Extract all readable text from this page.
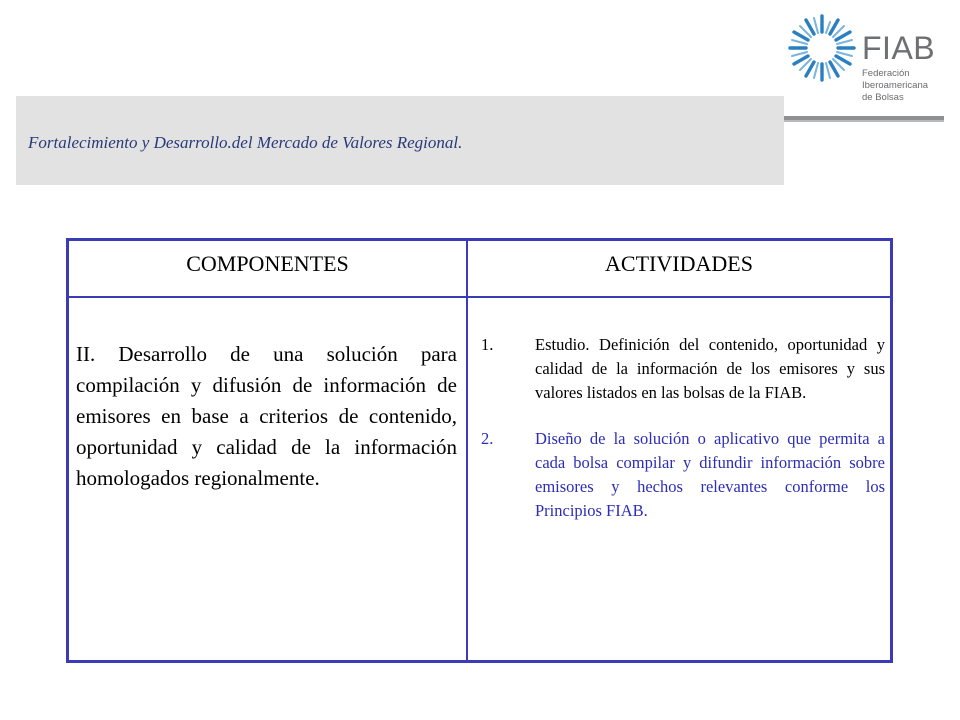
FIAB
Federación
Iberoamericana
de Bolsas
Fortalecimiento y Desarrollo.del Mercado de Valores Regional.
COMPONENTES	ACTIVIDADES
II. Desarrollo de una solución para compilación y difusión de información de emisores en base a criterios de contenido, oportunidad y calidad de la información homologados regionalmente.
1.	Estudio. Definición del contenido, oportunidad y calidad de la información de los emisores y sus valores listados en las bolsas de la FIAB.
2.	Diseño de la solución o aplicativo que permita a cada bolsa compilar y difundir información sobre emisores y hechos relevantes conforme los Principios FIAB.
